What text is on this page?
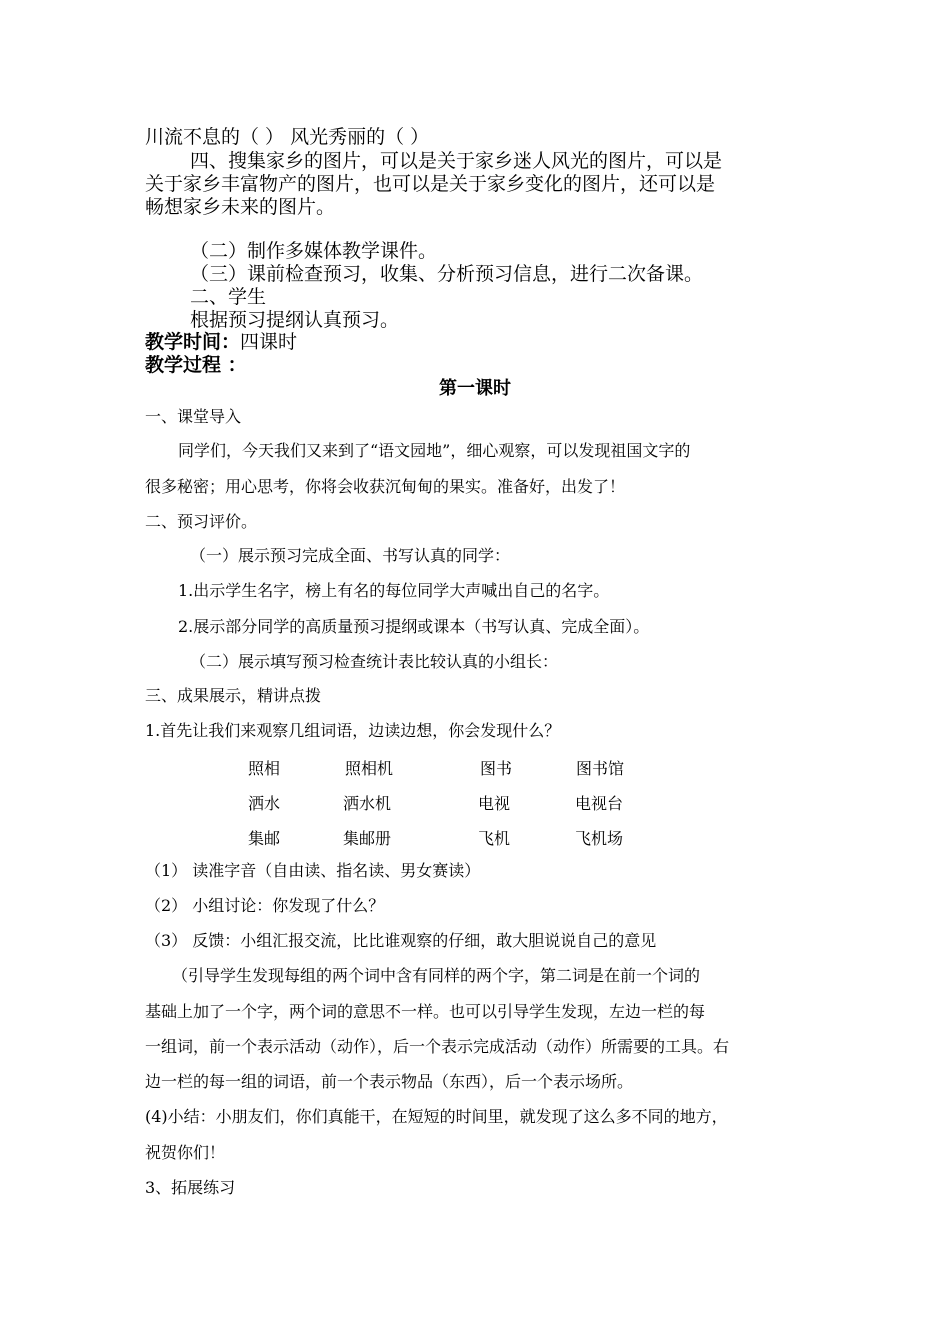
川流不息的（ ） 风光秀丽的（ ）
四、搜集家乡的图片，可以是关于家乡迷人风光的图片，可以是
关于家乡丰富物产的图片，也可以是关于家乡变化的图片，还可以是
畅想家乡未来的图片。
（二）制作多媒体教学课件。
（三）课前检查预习，收集、分析预习信息，进行二次备课。
二、学生
根据预习提纲认真预习。
教学时间：四课时
教学过程 ：
第一课时
一、课堂导入
同学们，今天我们又来到了“语文园地”，细心观察，可以发现祖国文字的
很多秘密；用心思考，你将会收获沉甸甸的果实。准备好，出发了！
二、预习评价。
（一）展示预习完成全面、书写认真的同学：
1.出示学生名字，榜上有名的每位同学大声喊出自己的名字。
2.展示部分同学的高质量预习提纲或课本（书写认真、完成全面）。
（二）展示填写预习检查统计表比较认真的小组长：
三、成果展示，精讲点拨
1.首先让我们来观察几组词语，边读边想，你会发现什么？
照相	照相机	图书	图书馆
洒水	洒水机	电视	电视台
集邮	集邮册	飞机	飞机场
（1） 读准字音（自由读、指名读、男女赛读）
（2） 小组讨论：你发现了什么？
（3） 反馈：小组汇报交流，比比谁观察的仔细，敢大胆说说自己的意见
（引导学生发现每组的两个词中含有同样的两个字，第二词是在前一个词的
基础上加了一个字，两个词的意思不一样。也可以引导学生发现，左边一栏的每
一组词，前一个表示活动（动作），后一个表示完成活动（动作）所需要的工具。右
边一栏的每一组的词语，前一个表示物品（东西），后一个表示场所。
(4)小结：小朋友们，你们真能干，在短短的时间里，就发现了这么多不同的地方，
祝贺你们！
3、拓展练习
